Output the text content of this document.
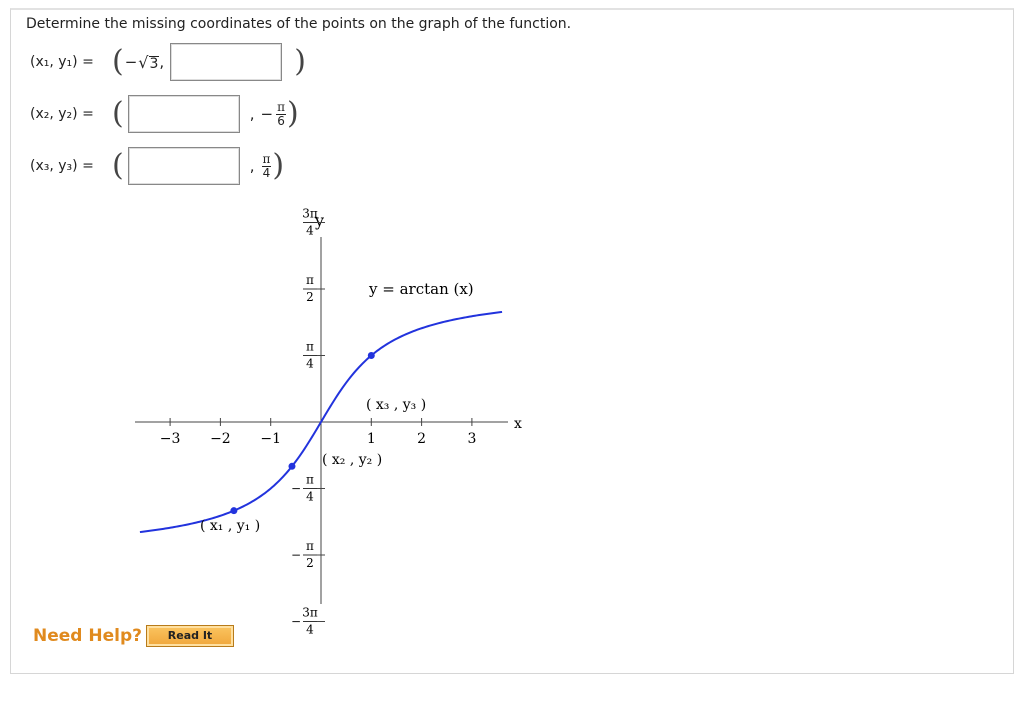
Determine the missing coordinates of the points on the graph of the function.
(x₁, y₁) = ( − √ 3 ,	)
(x₂, y₂) = (	, − $\frac{\pi}{6}$ )
(x₃, y₃) = (	, $\frac{\pi}{4}$ )
x
y
y = arctan (x)
−3 −2 −1	1	2	3
3π
4
π
2
π
4
π
4
−
π
2
−
3π
4
−
( x₁ , y₁ )
( x₂ , y₂ )
( x₃ , y₃ )
Need Help?	Read It
